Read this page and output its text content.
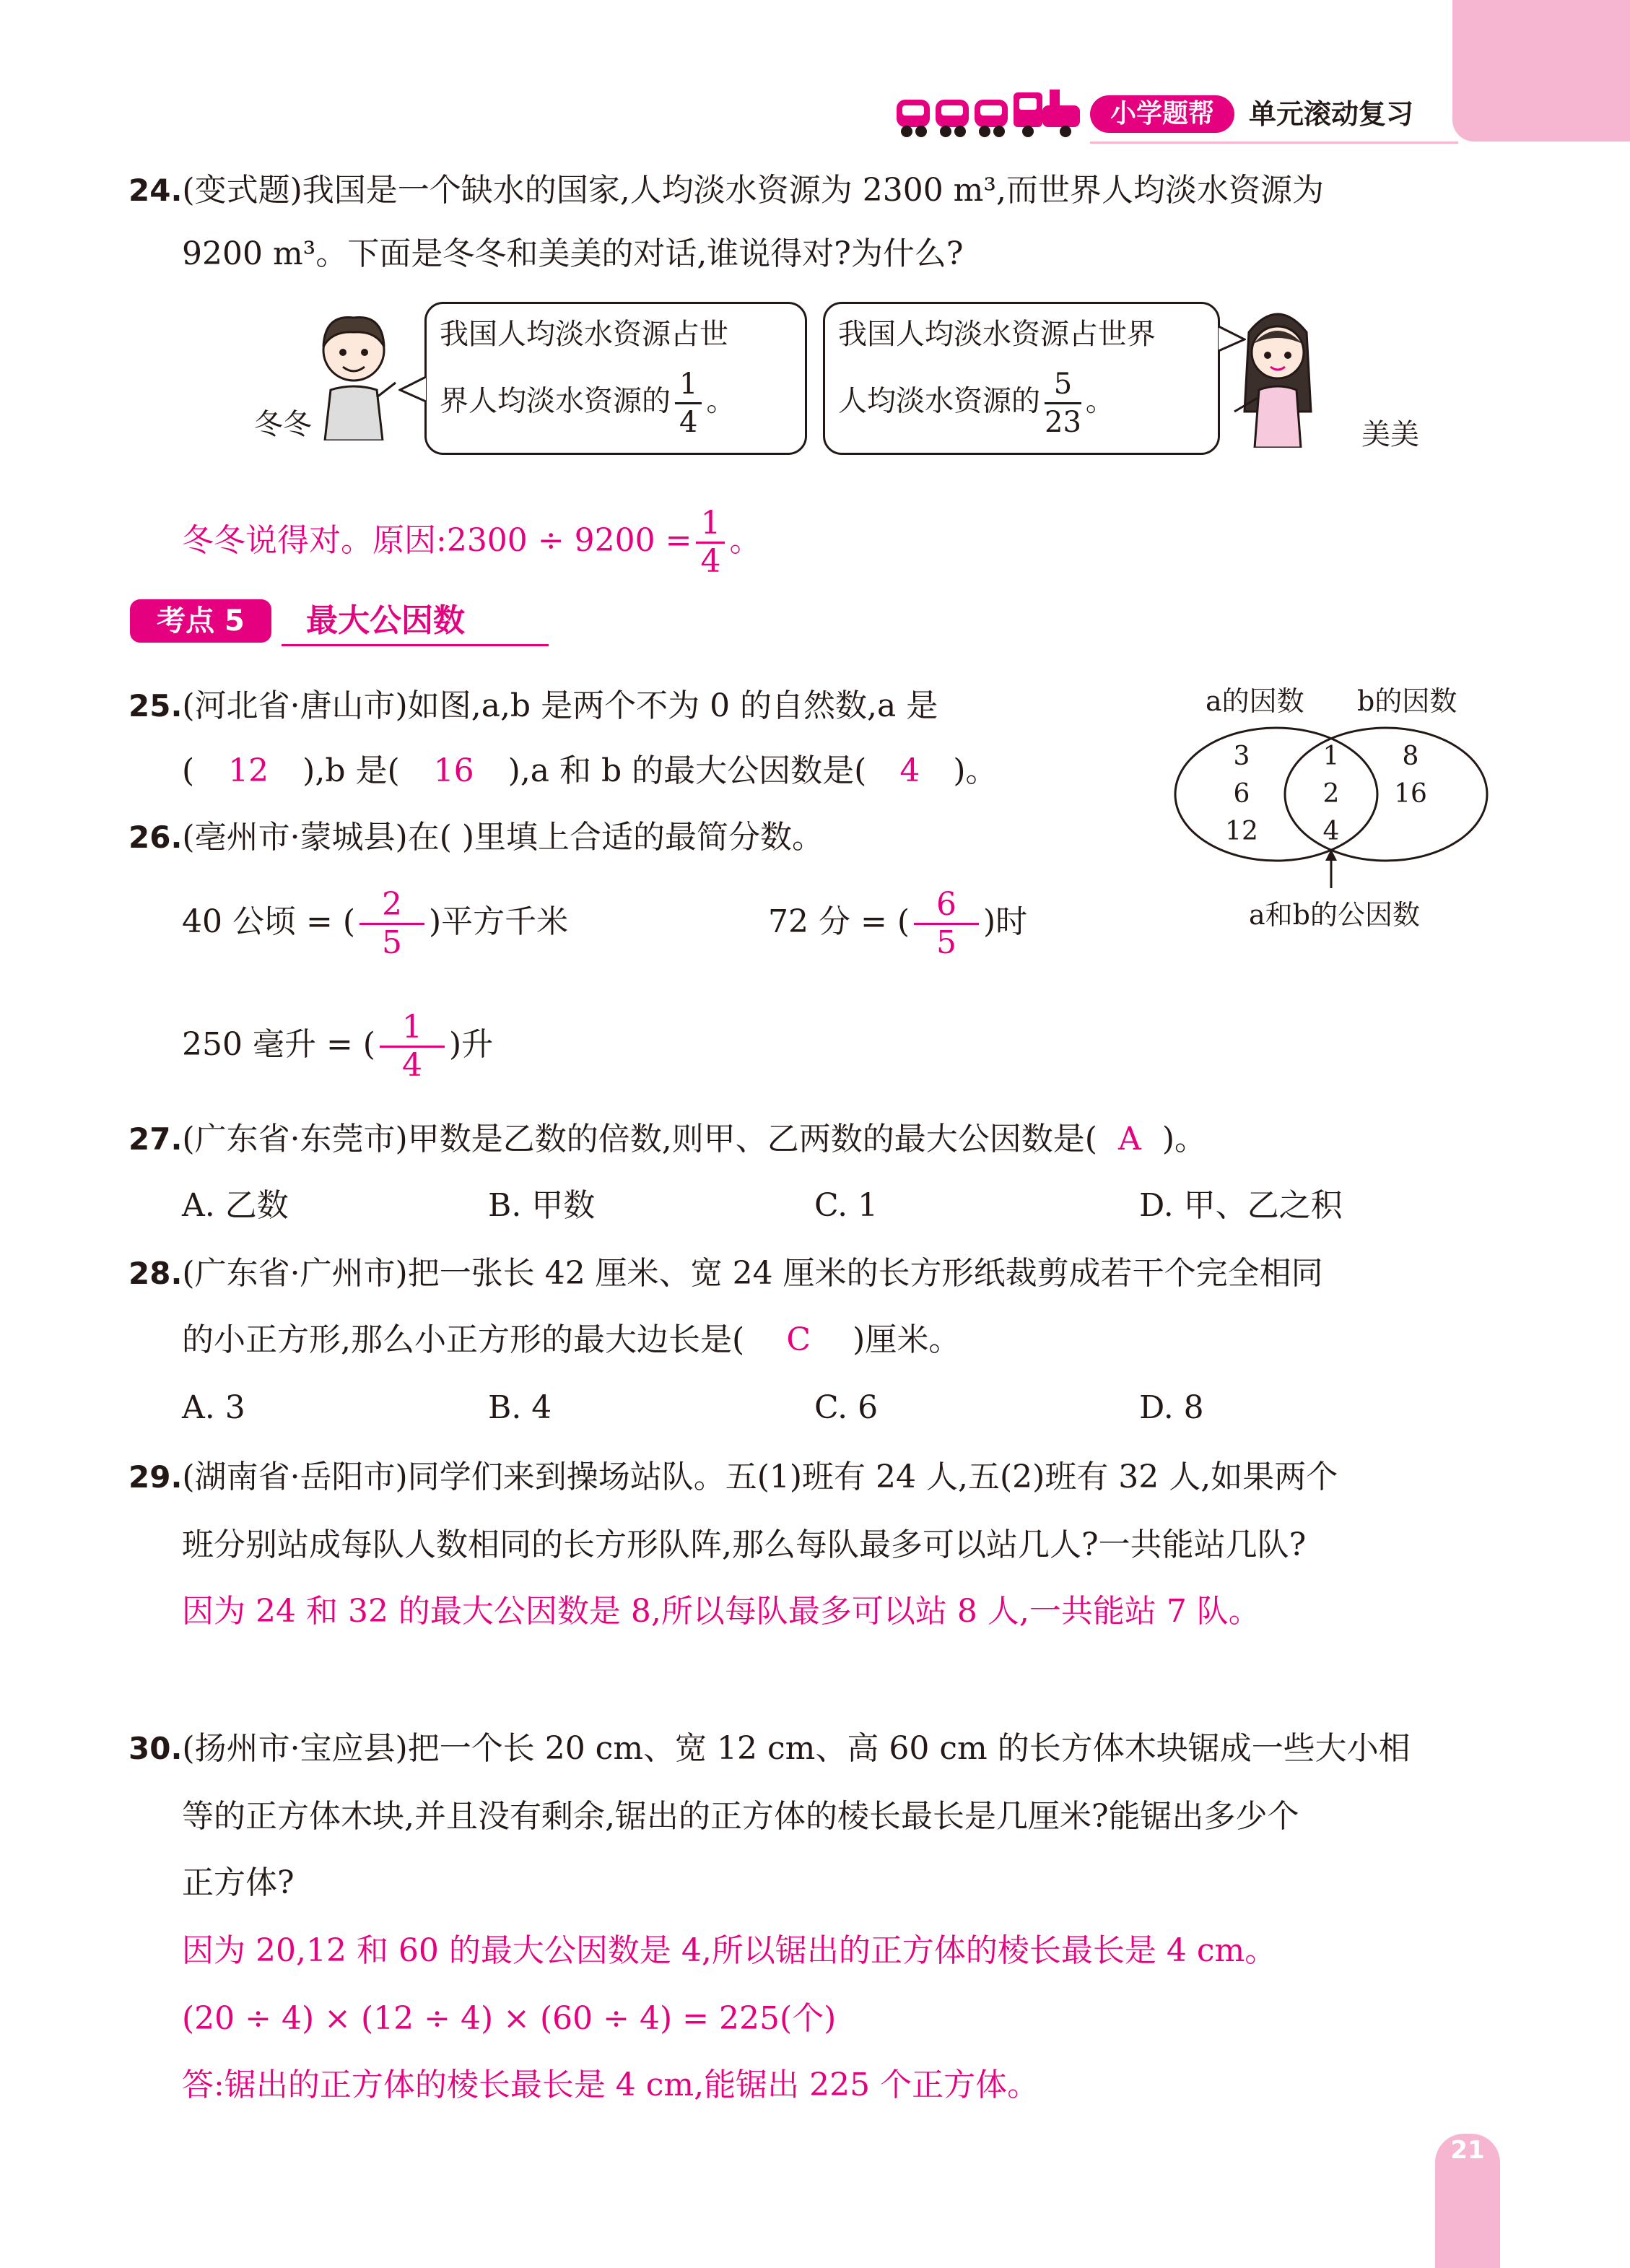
21
小学题帮	单元滚动复习
24.(变式题)我国是一个缺水的国家,人均淡水资源为 2300 m³,而世界人均淡水资源为
9200 m³。下面是冬冬和美美的对话,谁说得对?为什么?
冬冬
我国人均淡水资源占世
界人均淡水资源的 $\frac{1}{4}$ 。
我国人均淡水资源占世界
人均淡水资源的 $\frac{5}{23}$ 。
美美
冬冬说得对。原因:2300 ÷ $9200 = \frac{1}{4}$ 。
考点 5	最大公因数
25.(河北省·唐山市)如图,a,b 是两个不为 0 的自然数,a 是
( 12 ),b 是( 16 ),a 和 b 的最大公因数是( 4 )。
a的因数 b的因数
3
6
12
1
2
4
8
16
a和b的公因数
26.(亳州市·蒙城县)在( )里填上合适的最简分数。
40 公顷 = ( $\frac{2}{5}$ )平方千米	72 分 = ( $\frac{6}{5}$ )时
250 毫升 = ( $\frac{1}{4}$ )升
27.(广东省·东莞市)甲数是乙数的倍数,则甲、乙两数的最大公因数是( A )。
A. 乙数	B. 甲数	C. 1	D. 甲、乙之积
28.(广东省·广州市)把一张长 42 厘米、宽 24 厘米的长方形纸裁剪成若干个完全相同
的小正方形,那么小正方形的最大边长是( C )厘米。
A. 3	B. 4	C. 6	D. 8
29.(湖南省·岳阳市)同学们来到操场站队。五(1)班有 24 人,五(2)班有 32 人,如果两个
班分别站成每队人数相同的长方形队阵,那么每队最多可以站几人?一共能站几队?
因为 24 和 32 的最大公因数是 8,所以每队最多可以站 8 人,一共能站 7 队。
30.(扬州市·宝应县)把一个长 20 cm、宽 12 cm、高 60 cm 的长方体木块锯成一些大小相
等的正方体木块,并且没有剩余,锯出的正方体的棱长最长是几厘米?能锯出多少个
正方体?
因为 20,12 和 60 的最大公因数是 4,所以锯出的正方体的棱长最长是 4 cm。
(20 ÷ 4) × (12 ÷ 4) × (60 ÷ 4) = 225(个)
答:锯出的正方体的棱长最长是 4 cm,能锯出 225 个正方体。
